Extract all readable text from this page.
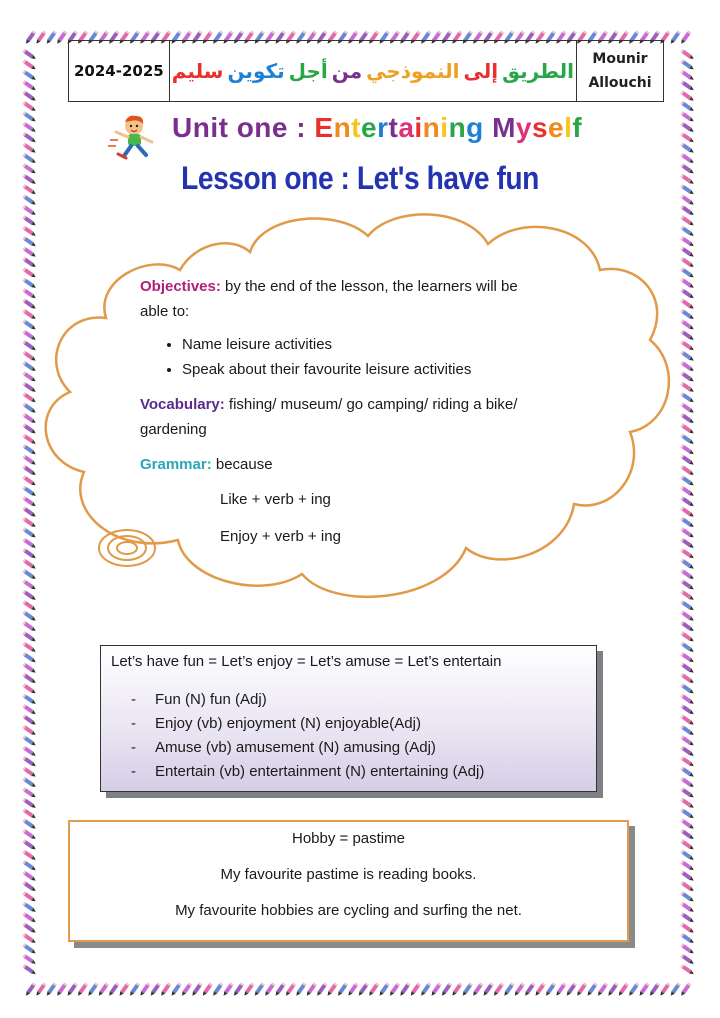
2024-2025	الطريق
إلى
النموذجي
من
أجل
تكوين
سليم	Mounir
Allouchi
Unit one : Entertaining Myself
Lesson one : Let's have fun

Objectives: by the end of the lesson, the learners will be able to:

• Name leisure activities
• Speak about their favourite leisure activities

Vocabulary: fishing/ museum/ go camping/ riding a bike/ gardening

Grammar: because

Like + verb + ing

Enjoy + verb + ing

Let’s have fun = Let’s enjoy = Let’s amuse = Let’s entertain
- Fun (N) fun (Adj)
- Enjoy (vb) enjoyment (N) enjoyable(Adj)
- Amuse (vb) amusement (N) amusing (Adj)
- Entertain (vb) entertainment (N) entertaining (Adj)
Hobby = pastime
My favourite pastime is reading books.
My favourite hobbies are cycling and surfing the net.
